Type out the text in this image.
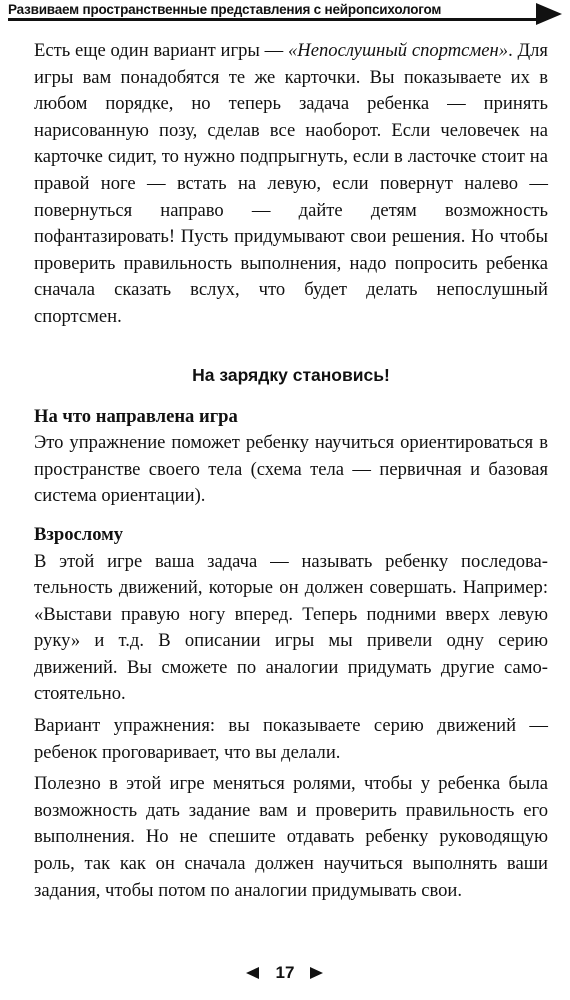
Развиваем пространственные представления с нейропсихологом

Есть еще один вариант игры — «Непослушный спортсмен». Для игры вам понадобятся те же карточки. Вы показываете их в любом порядке, но теперь задача ребенка — принять нарисованную позу, сделав все наоборот. Если человечек на карточке сидит, то нужно подпрыгнуть, если в ласточке стоит на правой ноге — встать на левую, если повернут налево — повернуться направо — дайте детям возможность пофантазировать! Пусть придумывают свои решения. Но чтобы проверить правильность выполнения, надо попросить ребенка сначала сказать вслух, что будет делать непослушный спортсмен.

На зарядку становись!
На что направлена игра

Это упражнение поможет ребенку научиться ориентироваться в пространстве своего тела (схема тела — первичная и базовая система ориентации).

Взрослому

В этой игре ваша задача — называть ребенку последовательность движений, которые он должен совершать. Например: «Выстави правую ногу вперед. Теперь подними вверх левую руку» и т.д. В описании игры мы привели одну серию движений. Вы сможете по аналогии придумать другие самостоятельно.

Вариант упражнения: вы показываете серию движений — ребенок проговаривает, что вы делали.

Полезно в этой игре меняться ролями, чтобы у ребенка была возможность дать задание вам и проверить правильность его выполнения. Но не спешите отдавать ребенку руководящую роль, так как он сначала должен научиться выполнять ваши задания, чтобы потом по аналогии придумывать свои.

17
